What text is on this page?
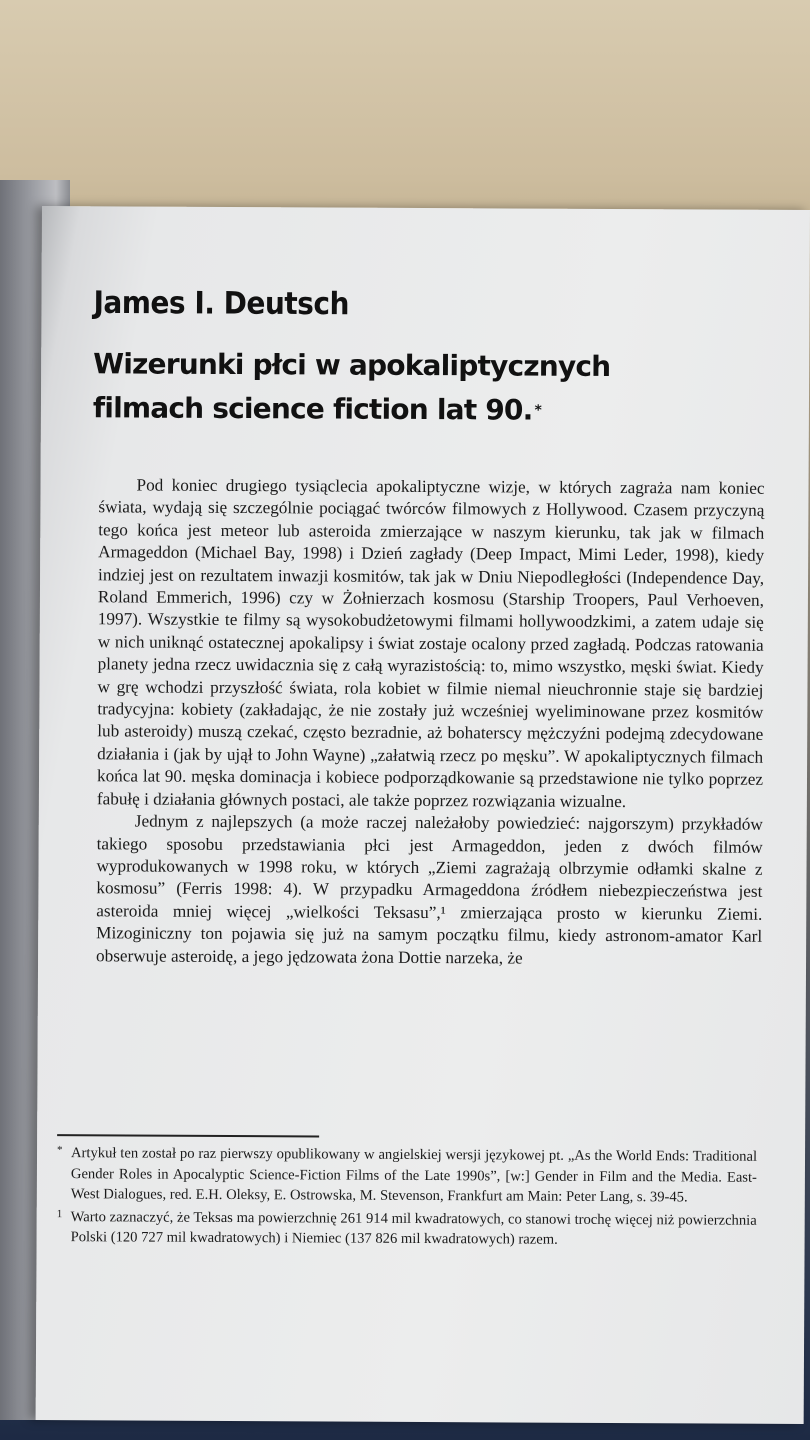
James I. Deutsch
Wizerunki płci w apokaliptycznych filmach science fiction lat 90. *

Pod koniec drugiego tysiąclecia apokaliptyczne wizje, w których zagraża nam koniec świata, wydają się szczególnie pociągać twórców filmowych z Hollywood. Czasem przyczyną tego końca jest meteor lub asteroida zmierzające w naszym kierunku, tak jak w filmach Armageddon (Michael Bay, 1998) i Dzień zagłady (Deep Impact, Mimi Leder, 1998), kiedy indziej jest on rezultatem inwazji kosmitów, tak jak w Dniu Niepodległości (Independence Day, Roland Emmerich, 1996) czy w Żołnierzach kosmosu (Starship Troopers, Paul Verhoeven, 1997). Wszystkie te filmy są wysokobudżetowymi filmami hollywoodzkimi, a zatem udaje się w nich uniknąć ostatecznej apokalipsy i świat zostaje ocalony przed zagładą. Podczas ratowania planety jedna rzecz uwidacznia się z całą wyrazistością: to, mimo wszystko, męski świat. Kiedy w grę wchodzi przyszłość świata, rola kobiet w filmie niemal nieuchronnie staje się bardziej tradycyjna: kobiety (zakładając, że nie zostały już wcześniej wyeliminowane przez kosmitów lub asteroidy) muszą czekać, często bezradnie, aż bohaterscy mężczyźni podejmą zdecydowane działania i (jak by ujął to John Wayne) „załatwią rzecz po męsku”. W apokaliptycznych filmach końca lat 90. męska dominacja i kobiece podporządkowanie są przedstawione nie tylko poprzez fabułę i działania głównych postaci, ale także poprzez rozwiązania wizualne.

Jednym z najlepszych (a może raczej należałoby powiedzieć: najgorszym) przykładów takiego sposobu przedstawiania płci jest Armageddon, jeden z dwóch filmów wyprodukowanych w 1998 roku, w których „Ziemi zagrażają olbrzymie odłamki skalne z kosmosu” (Ferris 1998: 4). W przypadku Armageddona źródłem niebezpieczeństwa jest asteroida mniej więcej „wielkości Teksasu”,¹ zmierzająca prosto w kierunku Ziemi. Mizoginiczny ton pojawia się już na samym początku filmu, kiedy astronom-amator Karl obserwuje asteroidę, a jego jędzowata żona Dottie narzeka, że

* Artykuł ten został po raz pierwszy opublikowany w angielskiej wersji językowej pt. „As the World Ends: Traditional Gender Roles in Apocalyptic Science-Fiction Films of the Late 1990s”, [w:] Gender in Film and the Media. East-West Dialogues, red. E.H. Oleksy, E. Ostrowska, M. Stevenson, Frankfurt am Main: Peter Lang, s. 39-45.

1 Warto zaznaczyć, że Teksas ma powierzchnię 261 914 mil kwadratowych, co stanowi trochę więcej niż powierzchnia Polski (120 727 mil kwadratowych) i Niemiec (137 826 mil kwadratowych) razem.
